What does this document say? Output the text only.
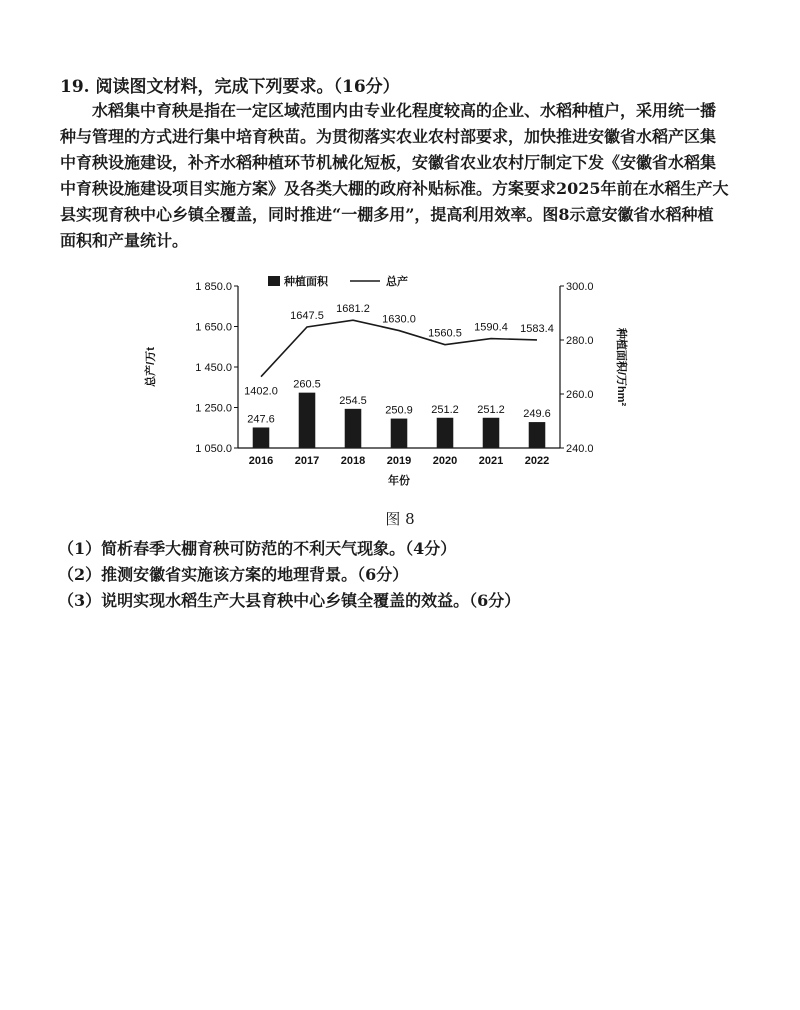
19. 阅读图文材料，完成下列要求。（16分）
水稻集中育秧是指在一定区域范围内由专业化程度较高的企业、水稻种植户，采用统一播
种与管理的方式进行集中培育秧苗。为贯彻落实农业农村部要求，加快推进安徽省水稻产区集
中育秧设施建设，补齐水稻种植环节机械化短板，安徽省农业农村厅制定下发《安徽省水稻集
中育秧设施建设项目实施方案》及各类大棚的政府补贴标准。方案要求2025年前在水稻生产大
县实现育秧中心乡镇全覆盖，同时推进“一棚多用”，提高利用效率。图8示意安徽省水稻种植
面积和产量统计。
1 850.0
1 650.0
1 450.0
1 250.0
1 050.0
300.0
280.0
260.0
240.0
总产/万t	种植面积/万hm²
年份
种植面积	总产
247.6
260.5
254.5
250.9 251.2 251.2 249.6
1402.0
1647.5
1681.2
1630.0
1560.5
1590.4 1583.4
2016 2017 2018 2019 2020 2021 2022
图 8
（1）简析春季大棚育秧可防范的不利天气现象。（4分）
（2）推测安徽省实施该方案的地理背景。（6分）
（3）说明实现水稻生产大县育秧中心乡镇全覆盖的效益。（6分）
